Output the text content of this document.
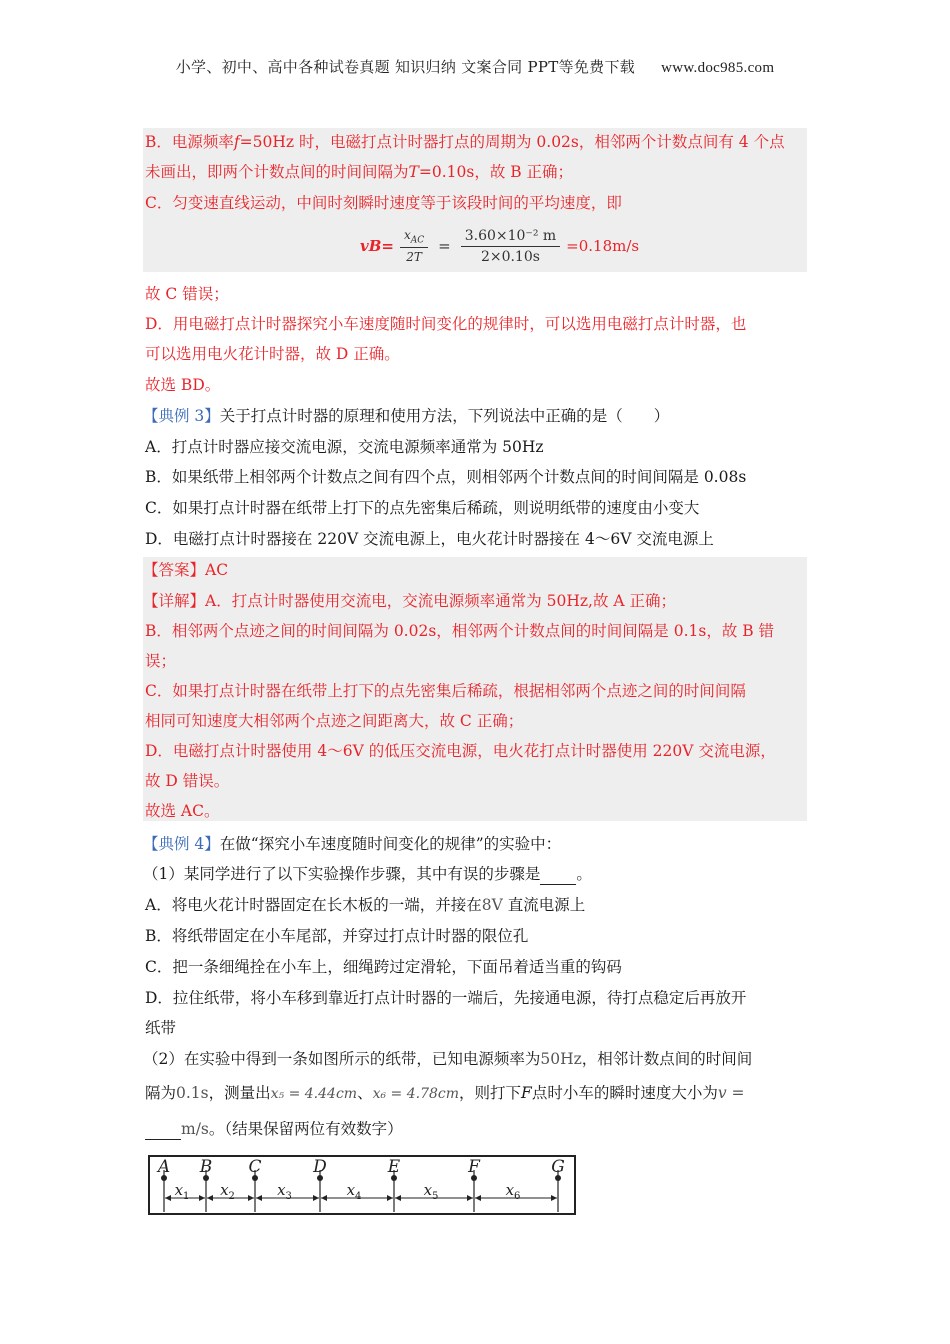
小学、初中、高中各种试卷真题 知识归纳 文案合同 PPT等免费下载 www.doc985.com
B．电源频率f=50Hz 时，电磁打点计时器打点的周期为 0.02s，相邻两个计数点间有 4 个点
未画出，即两个计数点间的时间间隔为T=0.10s，故 B 正确；
C．匀变速直线运动，中间时刻瞬时速度等于该段时间的平均速度，即
$vB= \frac{x_{AC}}{2T} = \frac{\text{3.60×10⁻² m}}{2\times 0.10s} =0.18m/s$
故 C 错误；
D．用电磁打点计时器探究小车速度随时间变化的规律时，可以选用电磁打点计时器，也
可以选用电火花计时器，故 D 正确。
故选 BD。
【典例 3】关于打点计时器的原理和使用方法，下列说法中正确的是（　　）
A．打点计时器应接交流电源，交流电源频率通常为 50Hz
B．如果纸带上相邻两个计数点之间有四个点，则相邻两个计数点间的时间间隔是 0.08s
C．如果打点计时器在纸带上打下的点先密集后稀疏，则说明纸带的速度由小变大
D．电磁打点计时器接在 220V 交流电源上，电火花计时器接在 4～6V 交流电源上
【答案】AC
【详解】A．打点计时器使用交流电，交流电源频率通常为 50Hz,故 A 正确；
B．相邻两个点迹之间的时间间隔为 0.02s，相邻两个计数点间的时间间隔是 0.1s，故 B 错
误；
C．如果打点计时器在纸带上打下的点先密集后稀疏，根据相邻两个点迹之间的时间间隔
相同可知速度大相邻两个点迹之间距离大，故 C 正确；
D．电磁打点计时器使用 4～6V 的低压交流电源，电火花打点计时器使用 220V 交流电源，
故 D 错误。
故选 AC。
【典例 4】在做“探究小车速度随时间变化的规律”的实验中：
（1）某同学进行了以下实验操作步骤，其中有误的步骤是 。
A．将电火花计时器固定在长木板的一端，并接在8V 直流电源上
B．将纸带固定在小车尾部，并穿过打点计时器的限位孔
C．把一条细绳拴在小车上，细绳跨过定滑轮，下面吊着适当重的钩码
D．拉住纸带，将小车移到靠近打点计时器的一端后，先接通电源，待打点稳定后再放开
纸带
（2）在实验中得到一条如图所示的纸带，已知电源频率为50Hz，相邻计数点间的时间间
隔为0.1s，测量出x₅ = 4.44cm、x₆ = 4.78cm，则打下F点时小车的瞬时速度大小为v =
m/s。（结果保留两位有效数字）
A B C	D	E	F	G
$x_1$ $x_2$	$x_3$	$x_4$	$x_5$	$x_6$
